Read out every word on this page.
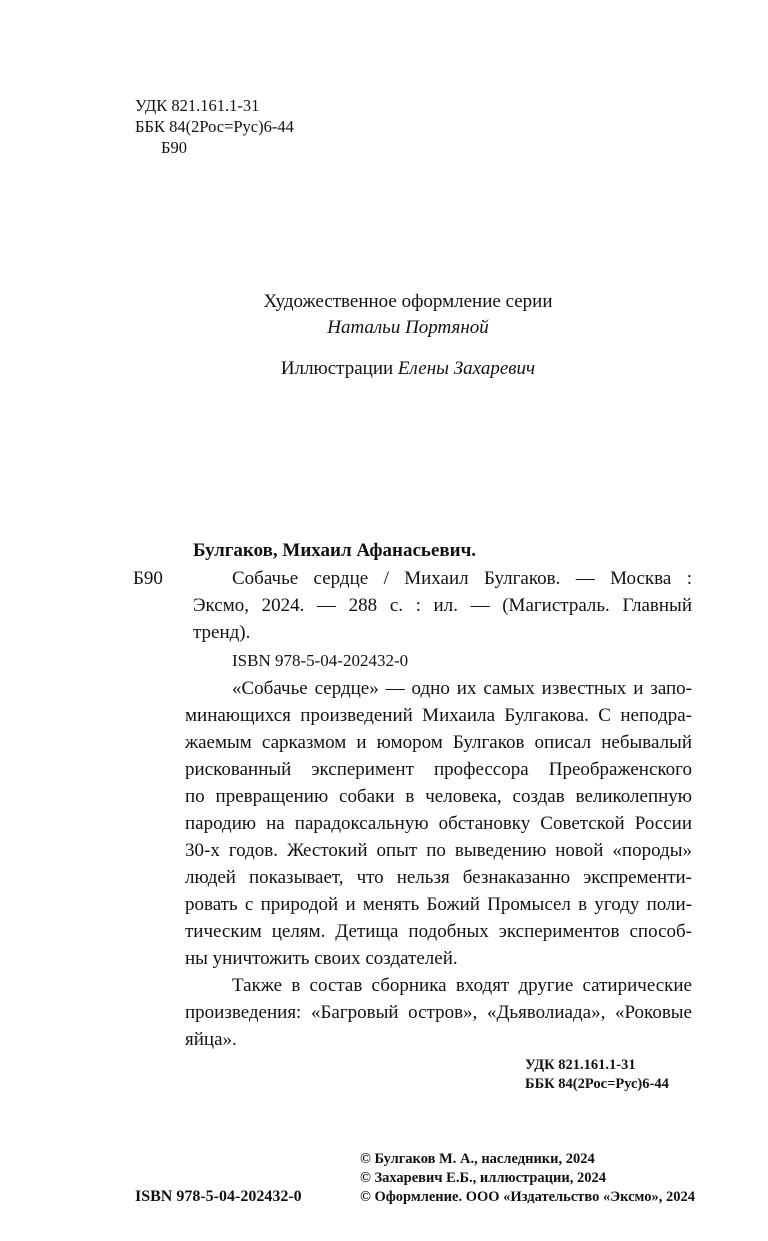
УДК 821.161.1-31
ББК 84(2Рос=Рус)6-44
Б90
Художественное оформление серии
Натальи Портяной
Иллюстрации Елены Захаревич
Булгаков, Михаил Афанасьевич.
Б90	Собачье сердце / Михаил Булгаков. — Москва :
Эксмо, 2024. — 288 с. : ил. — (Магистраль. Главный
тренд).
ISBN 978-5-04-202432-0
«Собачье сердце» — одно их самых известных и запо-
минающихся произведений Михаила Булгакова. С неподра-
жаемым сарказмом и юмором Булгаков описал небывалый
рискованный эксперимент профессора Преображенского
по превращению собаки в человека, создав великолепную
пародию на парадоксальную обстановку Советской России
30-х годов. Жестокий опыт по выведению новой «породы»
людей показывает, что нельзя безнаказанно экспременти-
ровать с природой и менять Божий Промысел в угоду поли-
тическим целям. Детища подобных экспериментов способ-
ны уничтожить своих создателей.
Также в состав сборника входят другие сатирические
произведения: «Багровый остров», «Дьяволиада», «Роковые
яйца».
УДК 821.161.1-31
ББК 84(2Рос=Рус)6-44
© Булгаков М. А., наследники, 2024
© Захаревич Е.Б., иллюстрации, 2024
© Оформление. ООО «Издательство «Эксмо», 2024
ISBN 978-5-04-202432-0
